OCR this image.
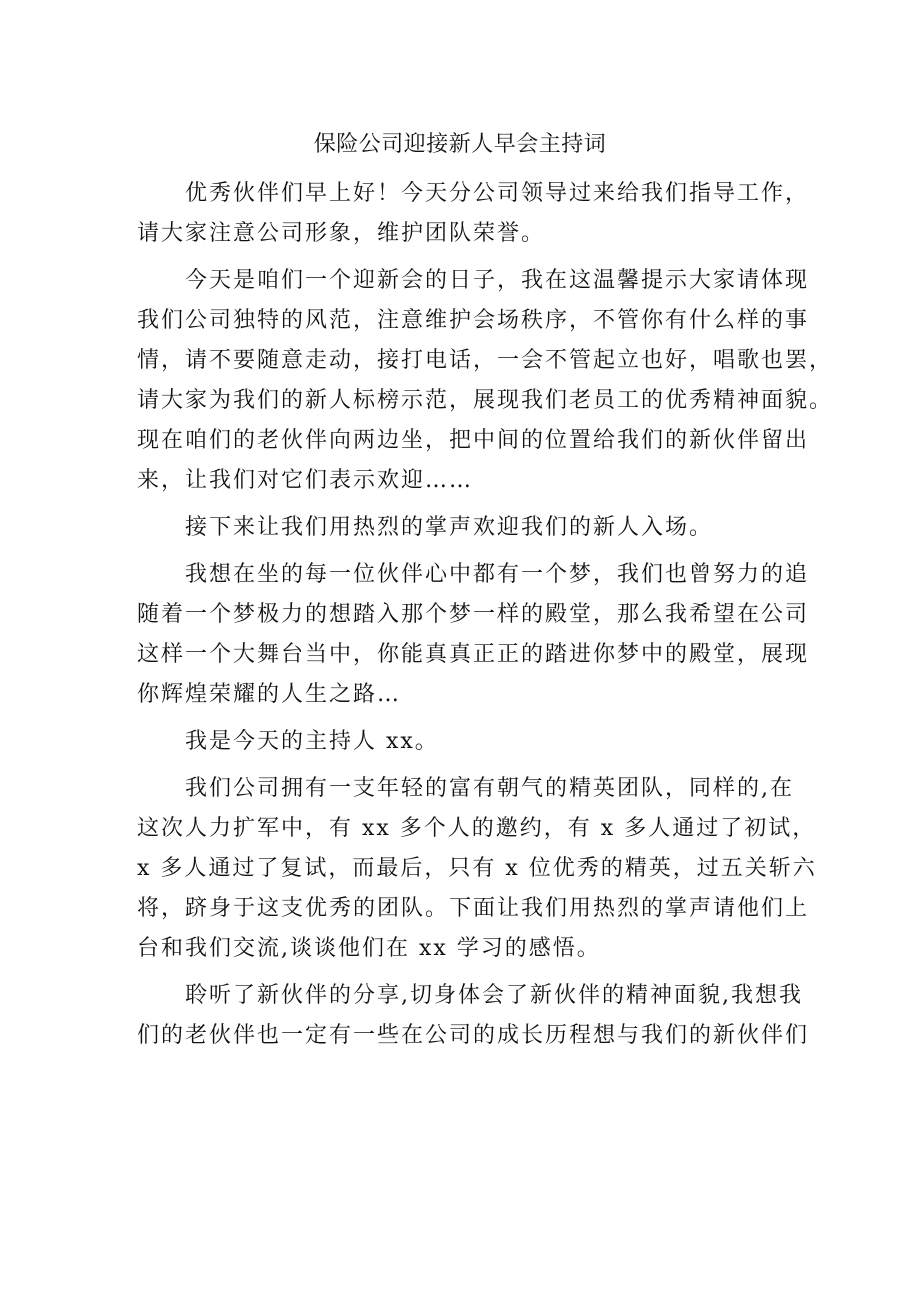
保险公司迎接新人早会主持词
优秀伙伴们早上好！今天分公司领导过来给我们指导工作，
请大家注意公司形象，维护团队荣誉。
今天是咱们一个迎新会的日子，我在这温馨提示大家请体现
我们公司独特的风范，注意维护会场秩序，不管你有什么样的事
情，请不要随意走动，接打电话，一会不管起立也好，唱歌也罢，
请大家为我们的新人标榜示范，展现我们老员工的优秀精神面貌。
现在咱们的老伙伴向两边坐，把中间的位置给我们的新伙伴留出
来，让我们对它们表示欢迎……
接下来让我们用热烈的掌声欢迎我们的新人入场。
我想在坐的每一位伙伴心中都有一个梦，我们也曾努力的追
随着一个梦极力的想踏入那个梦一样的殿堂，那么我希望在公司
这样一个大舞台当中，你能真真正正的踏进你梦中的殿堂，展现
你辉煌荣耀的人生之路…
我是今天的主持人 xx。
我们公司拥有一支年轻的富有朝气的精英团队，同样的,在
这次人力扩军中，有 xx 多个人的邀约，有 x 多人通过了初试，
x 多人通过了复试，而最后，只有 x 位优秀的精英，过五关斩六
将，跻身于这支优秀的团队。下面让我们用热烈的掌声请他们上
台和我们交流,谈谈他们在 xx 学习的感悟。
聆听了新伙伴的分享,切身体会了新伙伴的精神面貌,我想我
们的老伙伴也一定有一些在公司的成长历程想与我们的新伙伴们
